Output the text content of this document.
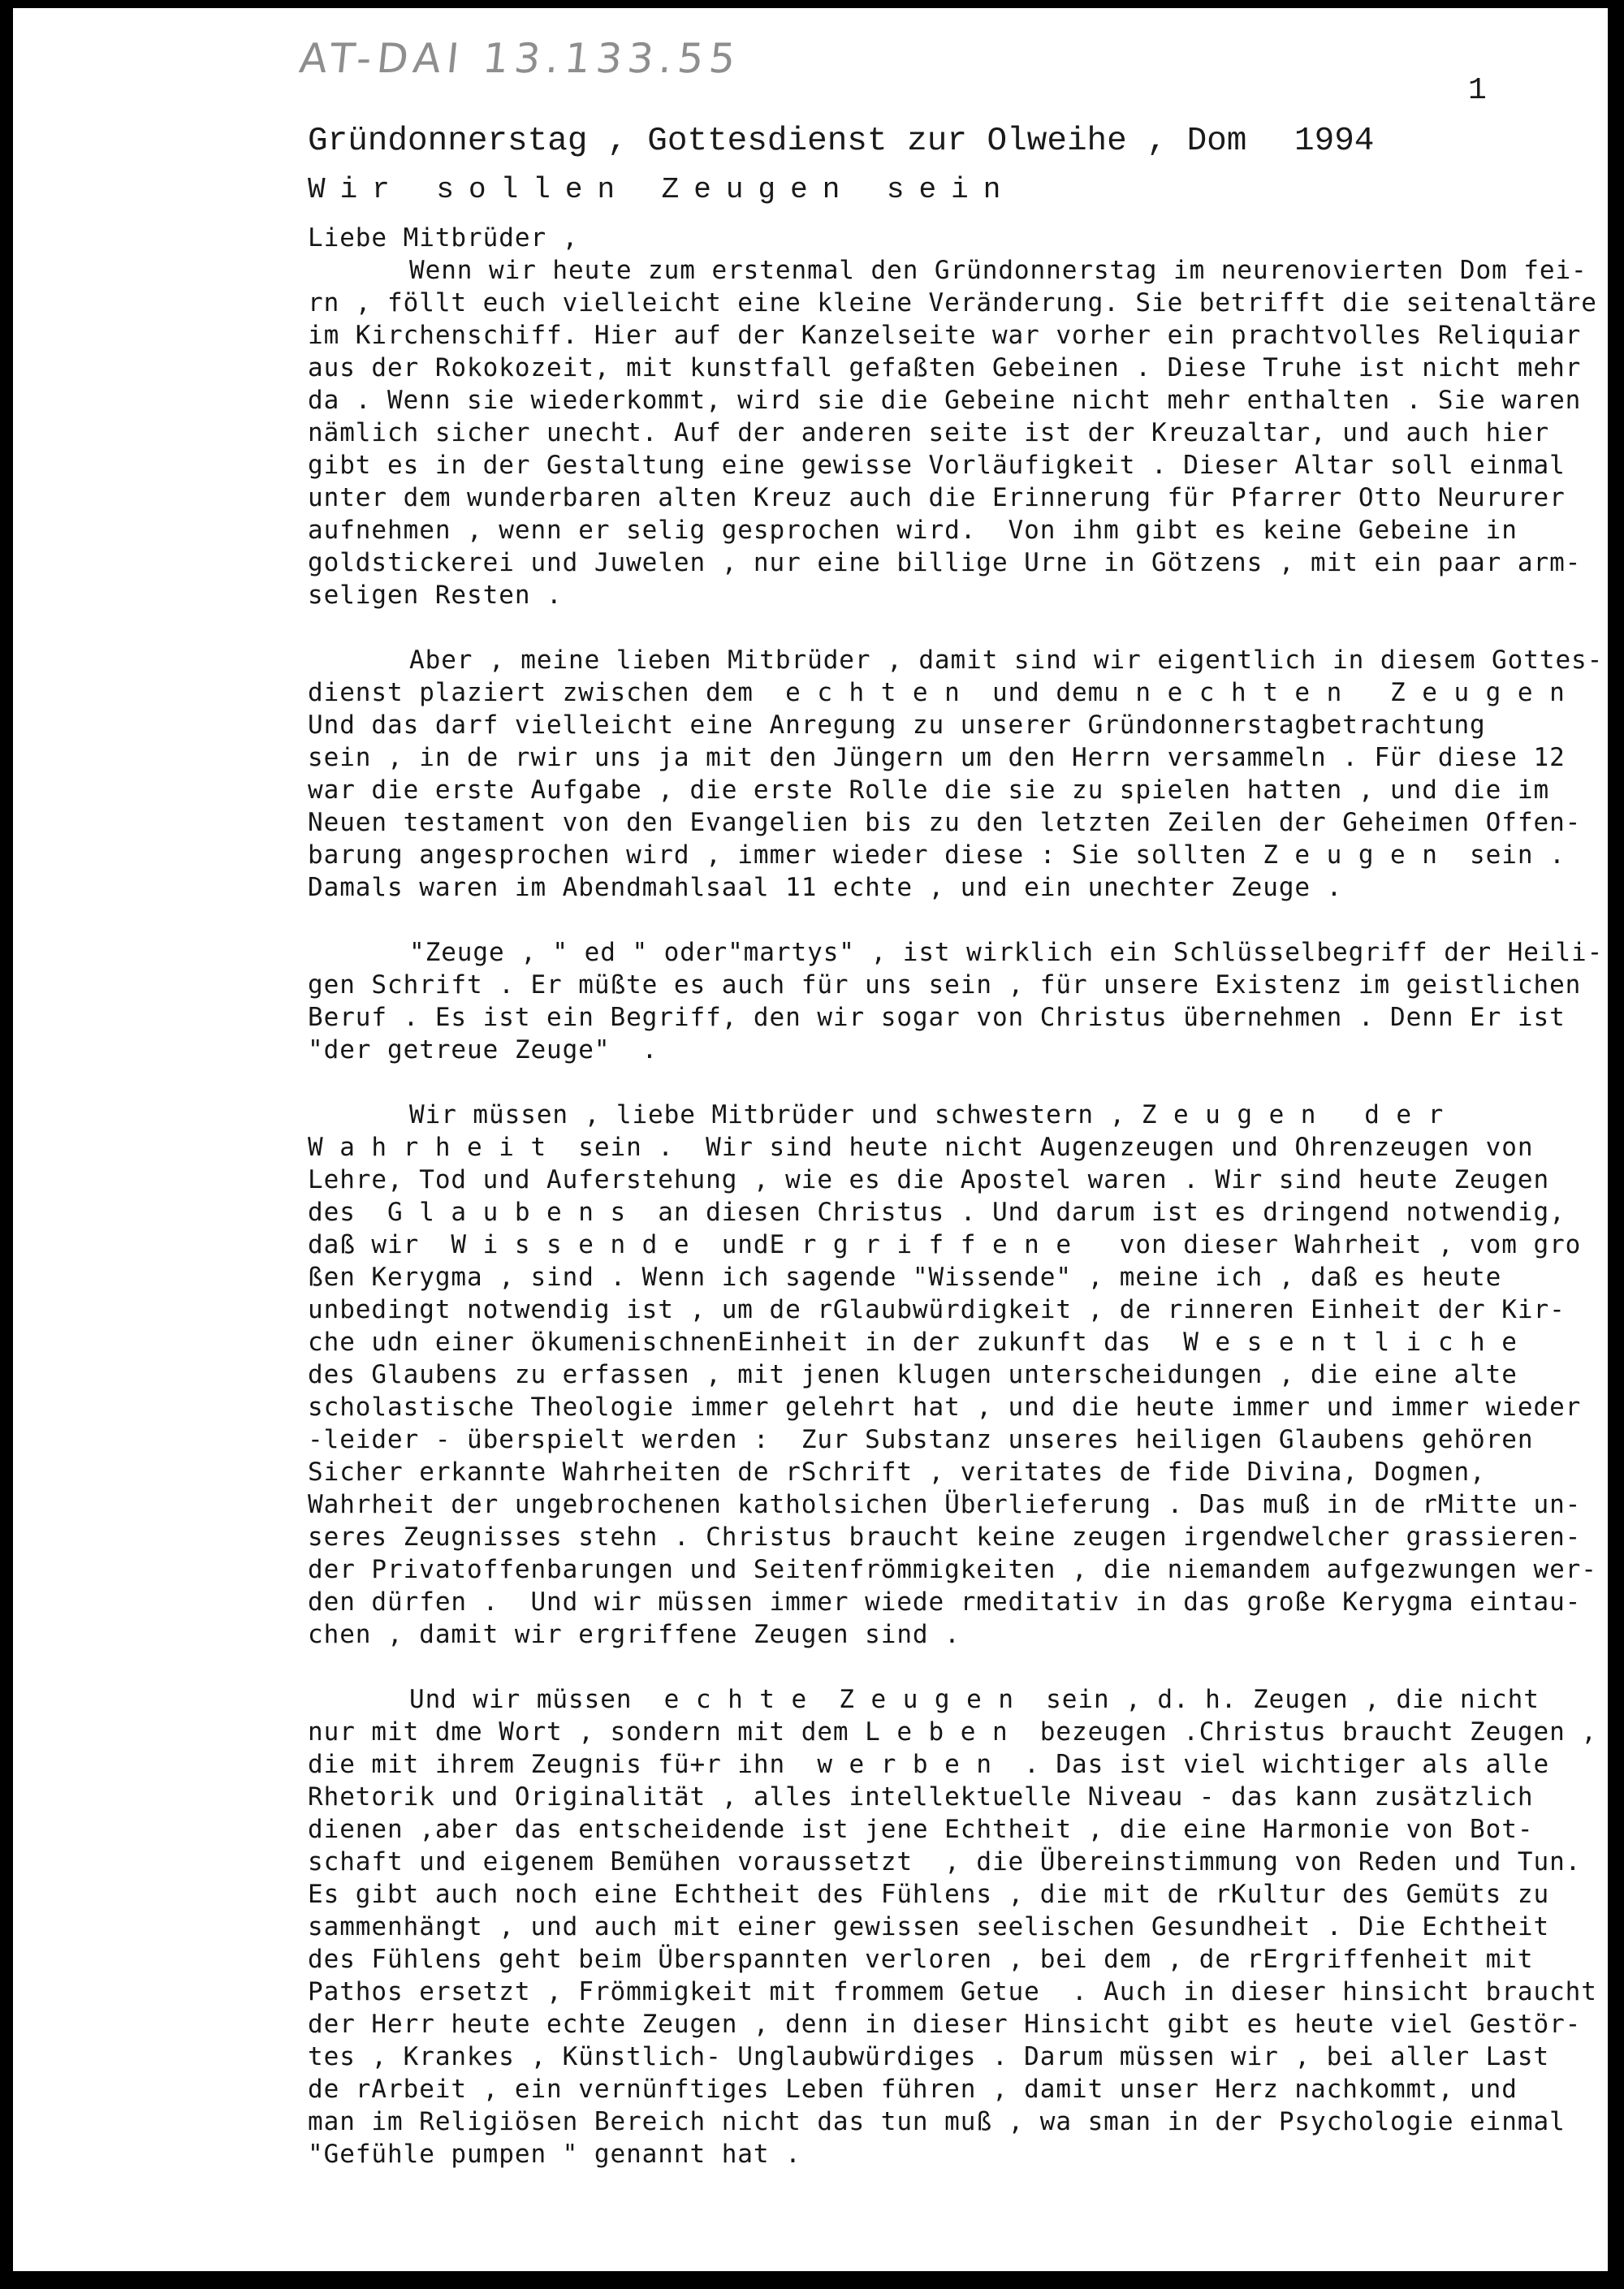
AT-DAI 13.133.55
1
Gründonnerstag , Gottesdienst zur Olweihe , Dom 1994
W i r   s o l l e n   Z e u g e n   s e i n
Liebe Mitbrüder ,
Wenn wir heute zum erstenmal den Gründonnerstag im neurenovierten Dom fei-
rn , föllt euch vielleicht eine kleine Veränderung. Sie betrifft die seitenaltäre
im Kirchenschiff. Hier auf der Kanzelseite war vorher ein prachtvolles Reliquiar
aus der Rokokozeit, mit kunstfall gefaßten Gebeinen . Diese Truhe ist nicht mehr
da . Wenn sie wiederkommt, wird sie die Gebeine nicht mehr enthalten . Sie waren
nämlich sicher unecht. Auf der anderen seite ist der Kreuzaltar, und auch hier
gibt es in der Gestaltung eine gewisse Vorläufigkeit . Dieser Altar soll einmal
unter dem wunderbaren alten Kreuz auch die Erinnerung für Pfarrer Otto Neururer
aufnehmen , wenn er selig gesprochen wird.  Von ihm gibt es keine Gebeine in
goldstickerei und Juwelen , nur eine billige Urne in Götzens , mit ein paar arm-
seligen Resten .
Aber , meine lieben Mitbrüder , damit sind wir eigentlich in diesem Gottes-
dienst plaziert zwischen dem  e c h t e n  und demu n e c h t e n   Z e u g e n
Und das darf vielleicht eine Anregung zu unserer Gründonnerstagbetrachtung
sein , in de rwir uns ja mit den Jüngern um den Herrn versammeln . Für diese 12
war die erste Aufgabe , die erste Rolle die sie zu spielen hatten , und die im
Neuen testament von den Evangelien bis zu den letzten Zeilen der Geheimen Offen-
barung angesprochen wird , immer wieder diese : Sie sollten Z e u g e n  sein .
Damals waren im Abendmahlsaal 11 echte , und ein unechter Zeuge .
"Zeuge , " ed " oder"martys" , ist wirklich ein Schlüsselbegriff der Heili-
gen Schrift . Er müßte es auch für uns sein , für unsere Existenz im geistlichen
Beruf . Es ist ein Begriff, den wir sogar von Christus übernehmen . Denn Er ist
"der getreue Zeuge"  .
Wir müssen , liebe Mitbrüder und schwestern , Z e u g e n   d e r
W a h r h e i t  sein .  Wir sind heute nicht Augenzeugen und Ohrenzeugen von
Lehre, Tod und Auferstehung , wie es die Apostel waren . Wir sind heute Zeugen
des  G l a u b e n s  an diesen Christus . Und darum ist es dringend notwendig,
daß wir  W i s s e n d e  undE r g r i f f e n e   von dieser Wahrheit , vom gro
ßen Kerygma , sind . Wenn ich sagende "Wissende" , meine ich , daß es heute
unbedingt notwendig ist , um de rGlaubwürdigkeit , de rinneren Einheit der Kir-
che udn einer ökumenischnenEinheit in der zukunft das  W e s e n t l i c h e
des Glaubens zu erfassen , mit jenen klugen unterscheidungen , die eine alte
scholastische Theologie immer gelehrt hat , und die heute immer und immer wieder
-leider - überspielt werden :  Zur Substanz unseres heiligen Glaubens gehören
Sicher erkannte Wahrheiten de rSchrift , veritates de fide Divina, Dogmen,
Wahrheit der ungebrochenen katholsichen Überlieferung . Das muß in de rMitte un-
seres Zeugnisses stehn . Christus braucht keine zeugen irgendwelcher grassieren-
der Privatoffenbarungen und Seitenfrömmigkeiten , die niemandem aufgezwungen wer-
den dürfen .  Und wir müssen immer wiede rmeditativ in das große Kerygma eintau-
chen , damit wir ergriffene Zeugen sind .
Und wir müssen  e c h t e  Z e u g e n  sein , d. h. Zeugen , die nicht
nur mit dme Wort , sondern mit dem L e b e n  bezeugen .Christus braucht Zeugen ,
die mit ihrem Zeugnis fü+r ihn  w e r b e n  . Das ist viel wichtiger als alle
Rhetorik und Originalität , alles intellektuelle Niveau - das kann zusätzlich
dienen ,aber das entscheidende ist jene Echtheit , die eine Harmonie von Bot-
schaft und eigenem Bemühen voraussetzt  , die Übereinstimmung von Reden und Tun.
Es gibt auch noch eine Echtheit des Fühlens , die mit de rKultur des Gemüts zu
sammenhängt , und auch mit einer gewissen seelischen Gesundheit . Die Echtheit
des Fühlens geht beim Überspannten verloren , bei dem , de rErgriffenheit mit
Pathos ersetzt , Frömmigkeit mit frommem Getue  . Auch in dieser hinsicht braucht
der Herr heute echte Zeugen , denn in dieser Hinsicht gibt es heute viel Gestör-
tes , Krankes , Künstlich- Unglaubwürdiges . Darum müssen wir , bei aller Last
de rArbeit , ein vernünftiges Leben führen , damit unser Herz nachkommt, und
man im Religiösen Bereich nicht das tun muß , wa sman in der Psychologie einmal
"Gefühle pumpen " genannt hat .
